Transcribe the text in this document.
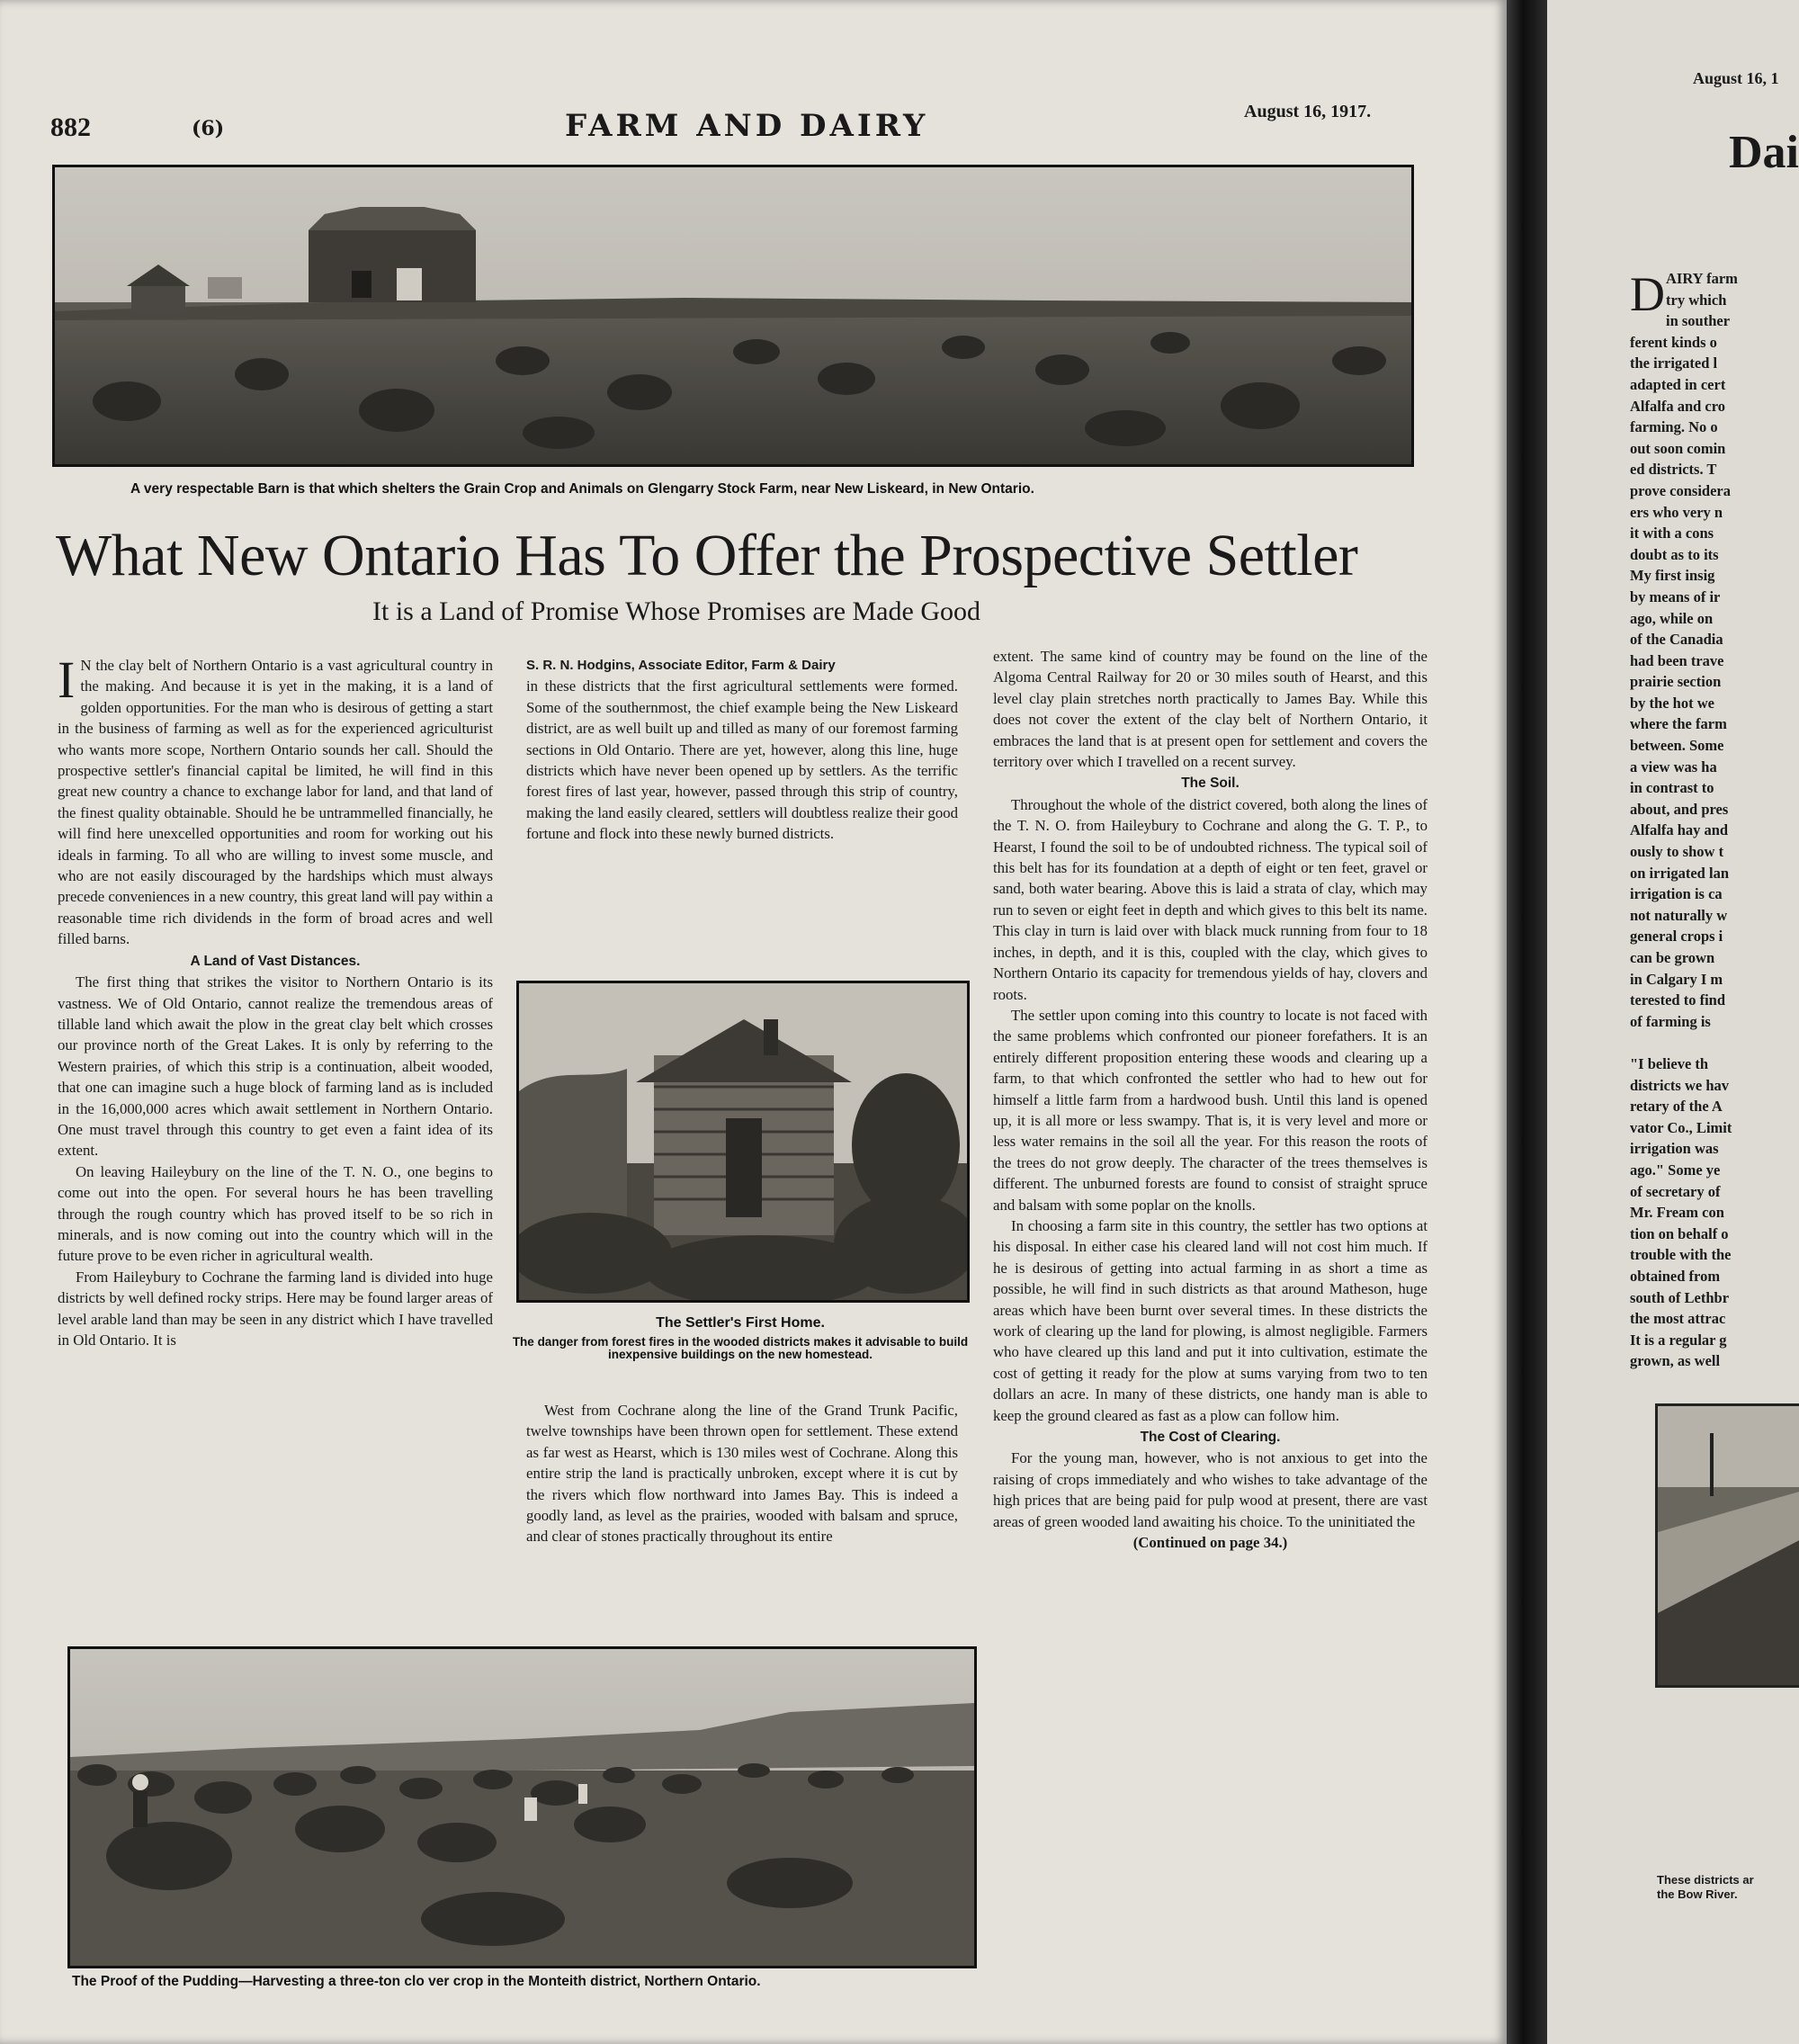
882	(6)	FARM AND DAIRY	August 16, 1917.
A very respectable Barn is that which shelters the Grain Crop and Animals on Glengarry Stock Farm, near New Liskeard, in New Ontario.
What New Ontario Has To Offer the Prospective Settler
It is a Land of Promise Whose Promises are Made Good

I N the clay belt of Northern Ontario is a vast agricultural country in the making. And because it is yet in the making, it is a land of golden opportunities. For the man who is desirous of getting a start in the business of farming as well as for the experienced agriculturist who wants more scope, Northern Ontario sounds her call. Should the prospective settler's financial capital be limited, he will find in this great new country a chance to exchange labor for land, and that land of the finest quality obtainable. Should he be untrammelled financially, he will find here unexcelled opportunities and room for working out his ideals in farming. To all who are willing to invest some muscle, and who are not easily discouraged by the hardships which must always precede conveniences in a new country, this great land will pay within a reasonable time rich dividends in the form of broad acres and well filled barns.

A Land of Vast Distances.

The first thing that strikes the visitor to Northern Ontario is its vastness. We of Old Ontario, cannot realize the tremendous areas of tillable land which await the plow in the great clay belt which crosses our province north of the Great Lakes. It is only by referring to the Western prairies, of which this strip is a continuation, albeit wooded, that one can imagine such a huge block of farming land as is included in the 16,000,000 acres which await settlement in Northern Ontario. One must travel through this country to get even a faint idea of its extent.

On leaving Haileybury on the line of the T. N. O., one begins to come out into the open. For several hours he has been travelling through the rough country which has proved itself to be so rich in minerals, and is now coming out into the country which will in the future prove to be even richer in agricultural wealth.

From Haileybury to Cochrane the farming land is divided into huge districts by well defined rocky strips. Here may be found larger areas of level arable land than may be seen in any district which I have travelled in Old Ontario. It is

S. R. N. Hodgins, Associate Editor, Farm & Dairy

in these districts that the first agricultural settlements were formed. Some of the southernmost, the chief example being the New Liskeard district, are as well built up and tilled as many of our foremost farming sections in Old Ontario. There are yet, however, along this line, huge districts which have never been opened up by settlers. As the terrific forest fires of last year, however, passed through this strip of country, making the land easily cleared, settlers will doubtless realize their good fortune and flock into these newly burned districts.

The Settler's First Home.
The danger from forest fires in the wooded districts makes it advisable to build inexpensive buildings on the new homestead.

West from Cochrane along the line of the Grand Trunk Pacific, twelve townships have been thrown open for settlement. These extend as far west as Hearst, which is 130 miles west of Cochrane. Along this entire strip the land is practically unbroken, except where it is cut by the rivers which flow northward into James Bay. This is indeed a goodly land, as level as the prairies, wooded with balsam and spruce, and clear of stones practically throughout its entire

extent. The same kind of country may be found on the line of the Algoma Central Railway for 20 or 30 miles south of Hearst, and this level clay plain stretches north practically to James Bay. While this does not cover the extent of the clay belt of Northern Ontario, it embraces the land that is at present open for settlement and covers the territory over which I travelled on a recent survey.

The Soil.

Throughout the whole of the district covered, both along the lines of the T. N. O. from Haileybury to Cochrane and along the G. T. P., to Hearst, I found the soil to be of undoubted richness. The typical soil of this belt has for its foundation at a depth of eight or ten feet, gravel or sand, both water bearing. Above this is laid a strata of clay, which may run to seven or eight feet in depth and which gives to this belt its name. This clay in turn is laid over with black muck running from four to 18 inches, in depth, and it is this, coupled with the clay, which gives to Northern Ontario its capacity for tremendous yields of hay, clovers and roots.

The settler upon coming into this country to locate is not faced with the same problems which confronted our pioneer forefathers. It is an entirely different proposition entering these woods and clearing up a farm, to that which confronted the settler who had to hew out for himself a little farm from a hardwood bush. Until this land is opened up, it is all more or less swampy. That is, it is very level and more or less water remains in the soil all the year. For this reason the roots of the trees do not grow deeply. The character of the trees themselves is different. The unburned forests are found to consist of straight spruce and balsam with some poplar on the knolls.

In choosing a farm site in this country, the settler has two options at his disposal. In either case his cleared land will not cost him much. If he is desirous of getting into actual farming in as short a time as possible, he will find in such districts as that around Matheson, huge areas which have been burnt over several times. In these districts the work of clearing up the land for plowing, is almost negligible. Farmers who have cleared up this land and put it into cultivation, estimate the cost of getting it ready for the plow at sums varying from two to ten dollars an acre. In many of these districts, one handy man is able to keep the ground cleared as fast as a plow can follow him.

The Cost of Clearing.

For the young man, however, who is not anxious to get into the raising of crops immediately and who wishes to take advantage of the high prices that are being paid for pulp wood at present, there are vast areas of green wooded land awaiting his choice. To the uninitiated the

(Continued on page 34.)

The Proof of the Pudding—Harvesting a three-ton clo ver crop in the Monteith district, Northern Ontario.
August 16, 1
Dai
D AIRY farm
try which
in souther
ferent kinds o
the irrigated l
adapted in cert
Alfalfa and cro
farming. No o
out soon comin
ed districts. T
prove considera
ers who very n
it with a cons
doubt as to its
My first insig
by means of ir
ago, while on
of the Canadia
had been trave
prairie section
by the hot we
where the farm
between. Some
a view was ha
in contrast to
about, and pres
Alfalfa hay and
ously to show t
on irrigated lan
irrigation is ca
not naturally w
general crops i
can be grown
in Calgary I m
terested to find
of farming is
"I believe th
districts we hav
retary of the A
vator Co., Limit
irrigation was
ago." Some ye
of secretary of
Mr. Fream con
tion on behalf o
trouble with the
obtained from
south of Lethbr
the most attrac
It is a regular g
grown, as well
These districts ar
the Bow River.
